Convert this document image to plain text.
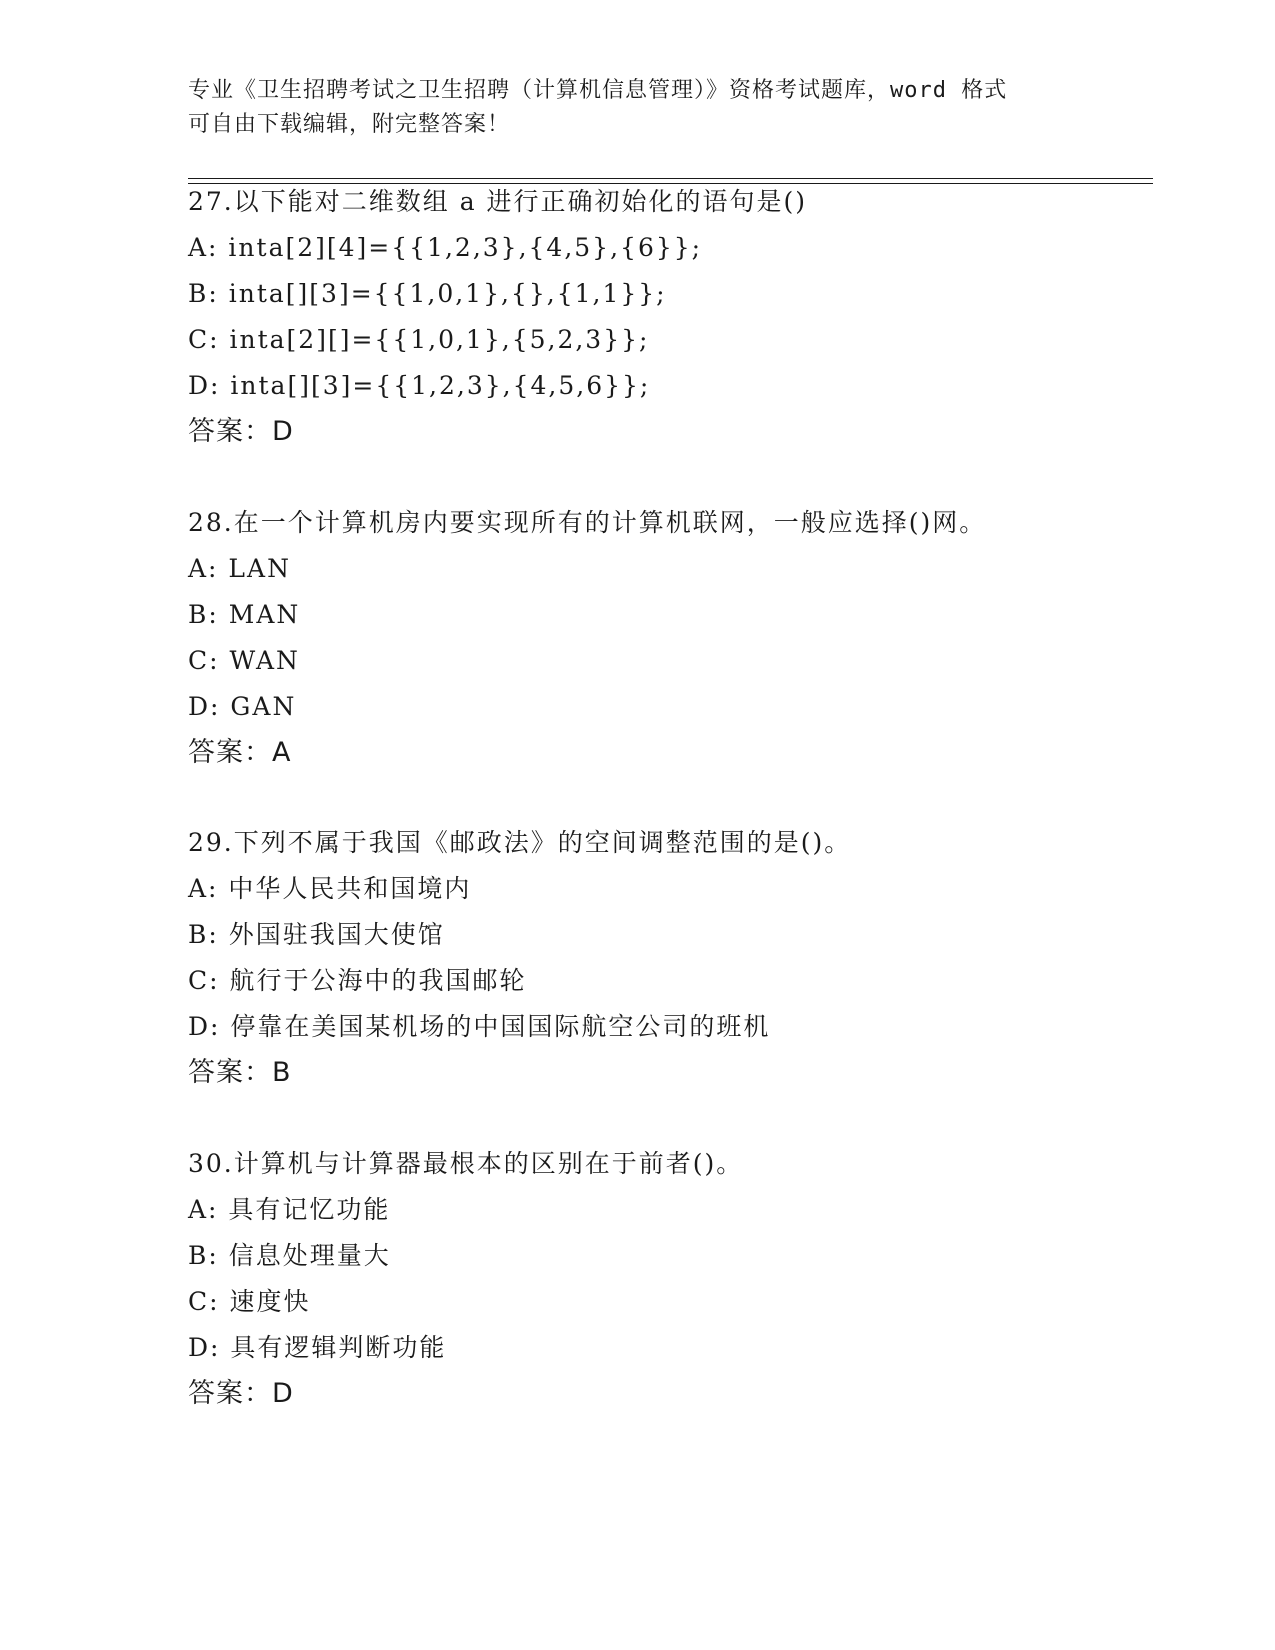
专业《卫生招聘考试之卫生招聘（计算机信息管理）》资格考试题库，word 格式
可自由下载编辑，附完整答案！
27.以下能对二维数组 a 进行正确初始化的语句是()
A: inta[2][4]={{1,2,3},{4,5},{6}};
B: inta[][3]={{1,0,1},{},{1,1}};
C: inta[2][]={{1,0,1},{5,2,3}};
D: inta[][3]={{1,2,3},{4,5,6}};
答案：D
28.在一个计算机房内要实现所有的计算机联网，一般应选择()网。
A: LAN
B: MAN
C: WAN
D: GAN
答案：A
29.下列不属于我国《邮政法》的空间调整范围的是()。
A: 中华人民共和国境内
B: 外国驻我国大使馆
C: 航行于公海中的我国邮轮
D: 停靠在美国某机场的中国国际航空公司的班机
答案：B
30.计算机与计算器最根本的区别在于前者()。
A: 具有记忆功能
B: 信息处理量大
C: 速度快
D: 具有逻辑判断功能
答案：D
